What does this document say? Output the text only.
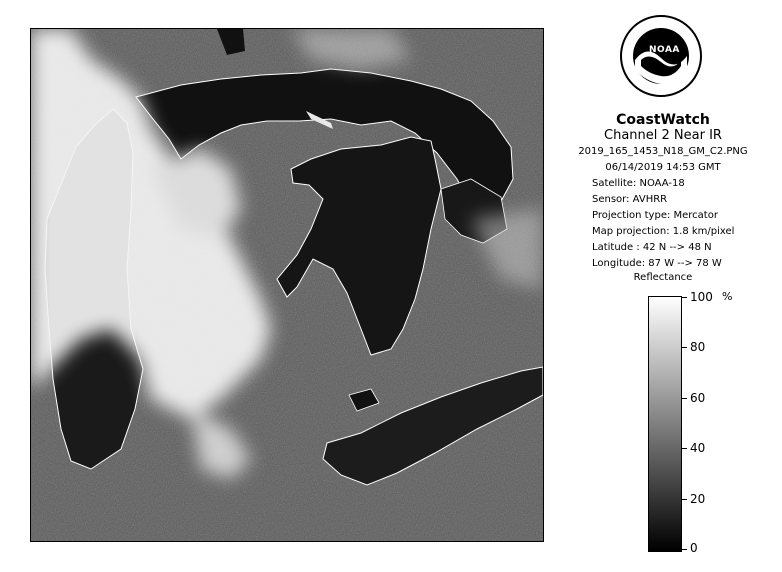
NOAA
CoastWatch
Channel 2 Near IR
2019_165_1453_N18_GM_C2.PNG
06/14/2019 14:53 GMT
Satellite: NOAA-18
Sensor: AVHRR
Projection type: Mercator
Map projection: 1.8 km/pixel
Latitude : 42 N --> 48 N
Longitude: 87 W --> 78 W
Reflectance
%
100
80
60
40
20
0
